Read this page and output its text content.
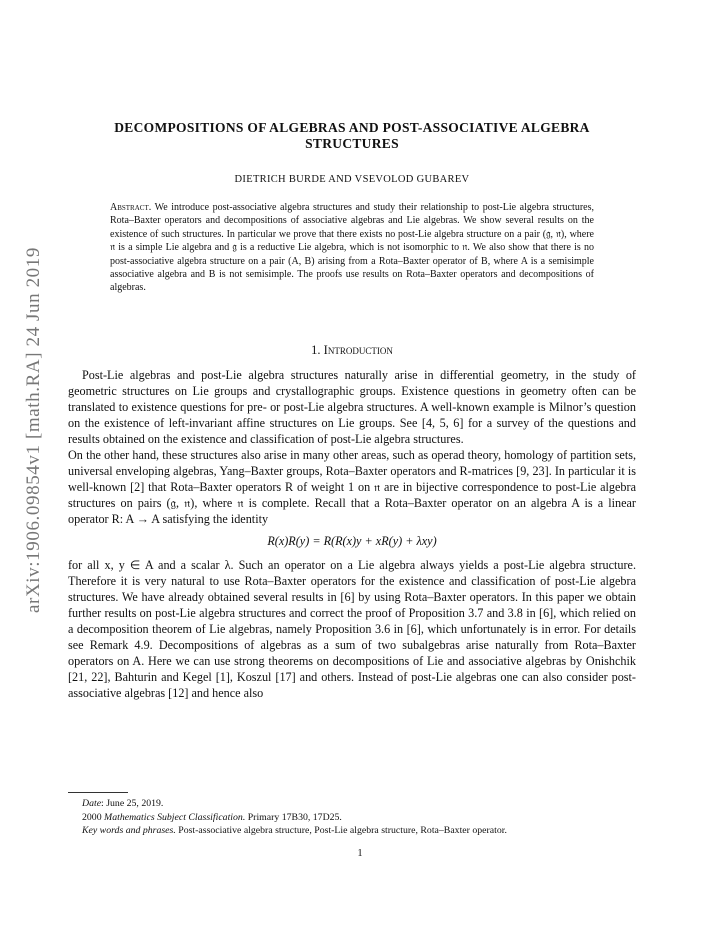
arXiv:1906.09854v1 [math.RA] 24 Jun 2019
DECOMPOSITIONS OF ALGEBRAS AND POST-ASSOCIATIVE ALGEBRA STRUCTURES
DIETRICH BURDE AND VSEVOLOD GUBAREV
Abstract. We introduce post-associative algebra structures and study their relationship to post-Lie algebra structures, Rota–Baxter operators and decompositions of associative algebras and Lie algebras. We show several results on the existence of such structures. In particular we prove that there exists no post-Lie algebra structure on a pair (𝔤, 𝔫), where 𝔫 is a simple Lie algebra and 𝔤 is a reductive Lie algebra, which is not isomorphic to 𝔫. We also show that there is no post-associative algebra structure on a pair (A, B) arising from a Rota–Baxter operator of B, where A is a semisimple associative algebra and B is not semisimple. The proofs use results on Rota–Baxter operators and decompositions of algebras.
1. Introduction

Post-Lie algebras and post-Lie algebra structures naturally arise in differential geometry, in the study of geometric structures on Lie groups and crystallographic groups. Existence questions in geometry often can be translated to existence questions for pre- or post-Lie algebra structures. A well-known example is Milnor’s question on the existence of left-invariant affine structures on Lie groups. See [4, 5, 6] for a survey of the questions and results obtained on the existence and classification of post-Lie algebra structures.

On the other hand, these structures also arise in many other areas, such as operad theory, homology of partition sets, universal enveloping algebras, Yang–Baxter groups, Rota–Baxter operators and R-matrices [9, 23]. In particular it is well-known [2] that Rota–Baxter operators R of weight 1 on 𝔫 are in bijective correspondence to post-Lie algebra structures on pairs (𝔤, 𝔫), where 𝔫 is complete. Recall that a Rota–Baxter operator on an algebra A is a linear operator R: A → A satisfying the identity

R(x)R(y) = R(R(x)y + xR(y) + λxy)

for all x, y ∈ A and a scalar λ. Such an operator on a Lie algebra always yields a post-Lie algebra structure. Therefore it is very natural to use Rota–Baxter operators for the existence and classification of post-Lie algebra structures. We have already obtained several results in [6] by using Rota–Baxter operators. In this paper we obtain further results on post-Lie algebra structures and correct the proof of Proposition 3.7 and 3.8 in [6], which relied on a decomposition theorem of Lie algebras, namely Proposition 3.6 in [6], which unfortunately is in error. For details see Remark 4.9. Decompositions of algebras as a sum of two subalgebras arise naturally from Rota–Baxter operators on A. Here we can use strong theorems on decompositions of Lie and associative algebras by Onishchik [21, 22], Bahturin and Kegel [1], Koszul [17] and others. Instead of post-Lie algebras one can also consider post-associative algebras [12] and hence also

Date: June 25, 2019.
2000 Mathematics Subject Classification. Primary 17B30, 17D25.
Key words and phrases. Post-associative algebra structure, Post-Lie algebra structure, Rota–Baxter operator.
1
